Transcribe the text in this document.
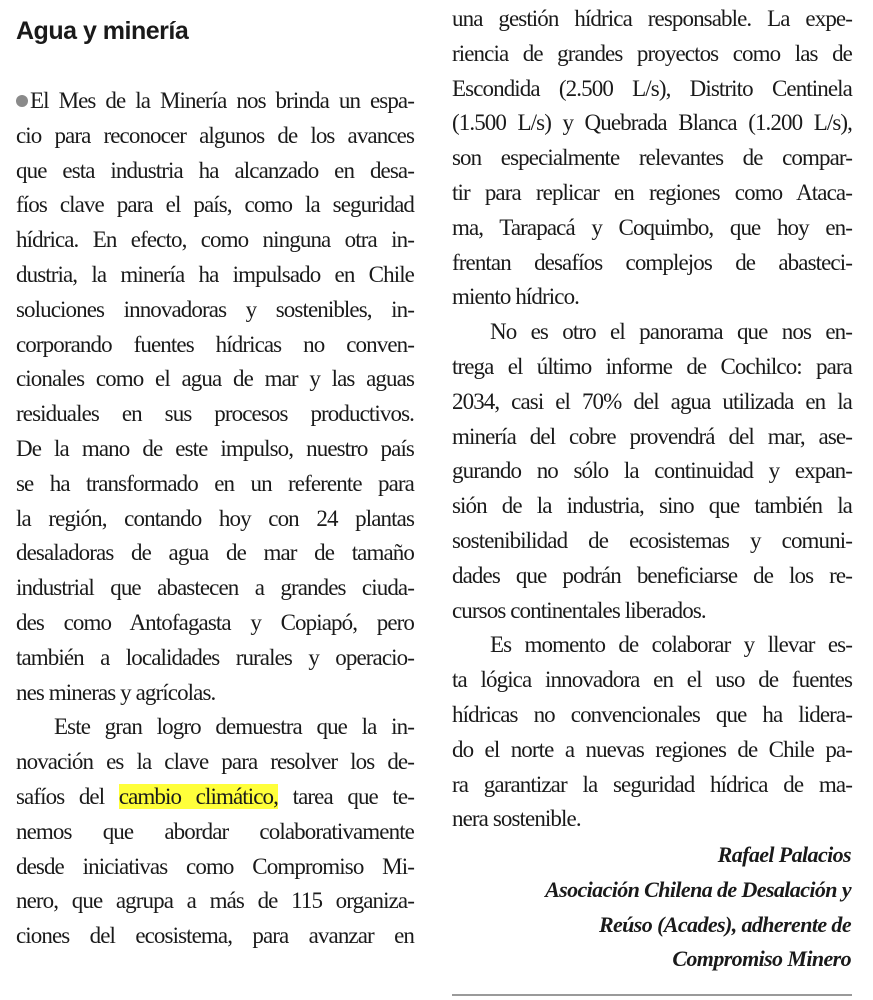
Agua y minería
El Mes de la Minería nos brinda un espa-
cio para reconocer algunos de los avances
que esta industria ha alcanzado en desa-
fíos clave para el país, como la seguridad
hídrica. En efecto, como ninguna otra in-
dustria, la minería ha impulsado en Chile
soluciones innovadoras y sostenibles, in-
corporando fuentes hídricas no conven-
cionales como el agua de mar y las aguas
residuales en sus procesos productivos.
De la mano de este impulso, nuestro país
se ha transformado en un referente para
la región, contando hoy con 24 plantas
desaladoras de agua de mar de tamaño
industrial que abastecen a grandes ciuda-
des como Antofagasta y Copiapó, pero
también a localidades rurales y operacio-
nes mineras y agrícolas.
Este gran logro demuestra que la in-
novación es la clave para resolver los de-
safíos del cambio climático, tarea que te-
nemos que abordar colaborativamente
desde iniciativas como Compromiso Mi-
nero, que agrupa a más de 115 organiza-
ciones del ecosistema, para avanzar en
una gestión hídrica responsable. La expe-
riencia de grandes proyectos como las de
Escondida (2.500 L/s), Distrito Centinela
(1.500 L/s) y Quebrada Blanca (1.200 L/s),
son especialmente relevantes de compar-
tir para replicar en regiones como Ataca-
ma, Tarapacá y Coquimbo, que hoy en-
frentan desafíos complejos de abasteci-
miento hídrico.
No es otro el panorama que nos en-
trega el último informe de Cochilco: para
2034, casi el 70% del agua utilizada en la
minería del cobre provendrá del mar, ase-
gurando no sólo la continuidad y expan-
sión de la industria, sino que también la
sostenibilidad de ecosistemas y comuni-
dades que podrán beneficiarse de los re-
cursos continentales liberados.
Es momento de colaborar y llevar es-
ta lógica innovadora en el uso de fuentes
hídricas no convencionales que ha lidera-
do el norte a nuevas regiones de Chile pa-
ra garantizar la seguridad hídrica de ma-
nera sostenible.
Rafael Palacios
Asociación Chilena de Desalación y
Reúso (Acades), adherente de
Compromiso Minero
